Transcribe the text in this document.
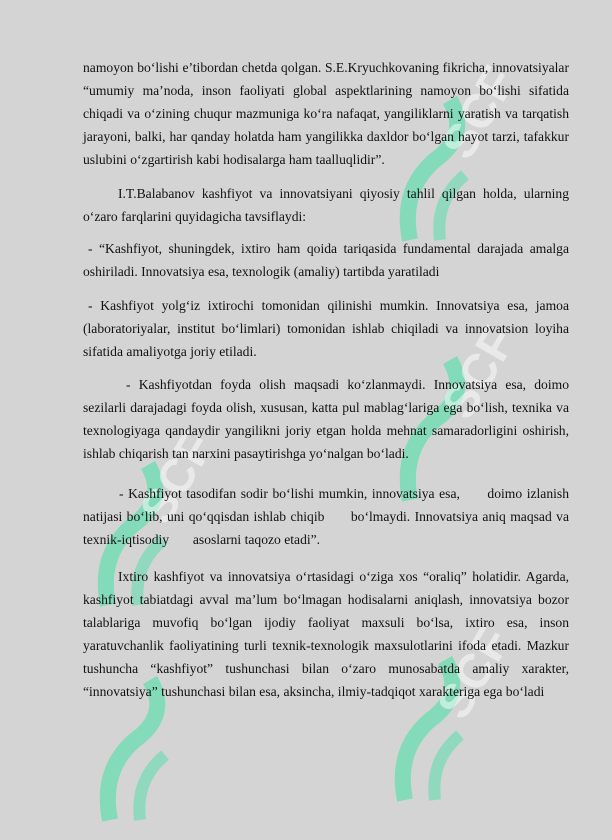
SCF
SCF
SCF
SCF

namoyon bo‘lishi e’tibordan chetda qolgan. S.E.Kryuchkovaning fikricha, innovatsiyalar “umumiy ma’noda, inson faoliyati global aspektlarining namoyon bo‘lishi sifatida chiqadi va o‘zining chuqur mazmuniga ko‘ra nafaqat, yangiliklarni yaratish va tarqatish jarayoni, balki, har qanday holatda ham yangilikka daxldor bo‘lgan hayot tarzi, tafakkur uslubini o‘zgartirish kabi hodisalarga ham taalluqlidir”.

I.T.Balabanov kashfiyot va innovatsiyani qiyosiy tahlil qilgan holda, ularning o‘zaro farqlarini quyidagicha tavsiflaydi:

- “Kashfiyot, shuningdek, ixtiro ham qoida tariqasida fundamental darajada amalga oshiriladi. Innovatsiya esa, texnologik (amaliy) tartibda yaratiladi

- Kashfiyot yolg‘iz ixtirochi tomonidan qilinishi mumkin. Innovatsiya esa, jamoa (laboratoriyalar, institut bo‘limlari) tomonidan ishlab chiqiladi va innovatsion loyiha sifatida amaliyotga joriy etiladi.

- Kashfiyotdan foyda olish maqsadi ko‘zlanmaydi. Innovatsiya esa, doimo sezilarli darajadagi foyda olish, xususan, katta pul mablag‘lariga ega bo‘lish, texnika va texnologiyaga qandaydir yangilikni joriy etgan holda mehnat samaradorligini oshirish, ishlab chiqarish tan narxini pasaytirishga yo‘nalgan bo‘ladi.

- Kashfiyot tasodifan sodir bo‘lishi mumkin, innovatsiya esa,      doimo izlanish natijasi bo‘lib, uni qo‘qqisdan ishlab chiqib      bo‘lmaydi. Innovatsiya aniq maqsad va texnik-iqtisodiy       asoslarni taqozo etadi”.

Ixtiro kashfiyot va innovatsiya o‘rtasidagi o‘ziga xos “oraliq” holatidir. Agarda, kashfiyot tabiatdagi avval ma’lum bo‘lmagan hodisalarni aniqlash, innovatsiya bozor talablariga muvofiq bo‘lgan ijodiy faoliyat maxsuli bo‘lsa, ixtiro esa, inson yaratuvchanlik faoliyatining turli texnik-texnologik maxsulotlarini ifoda etadi. Mazkur tushuncha “kashfiyot” tushunchasi bilan o‘zaro munosabatda amaliy xarakter, “innovatsiya” tushunchasi bilan esa, aksincha, ilmiy-tadqiqot xarakteriga ega bo‘ladi
